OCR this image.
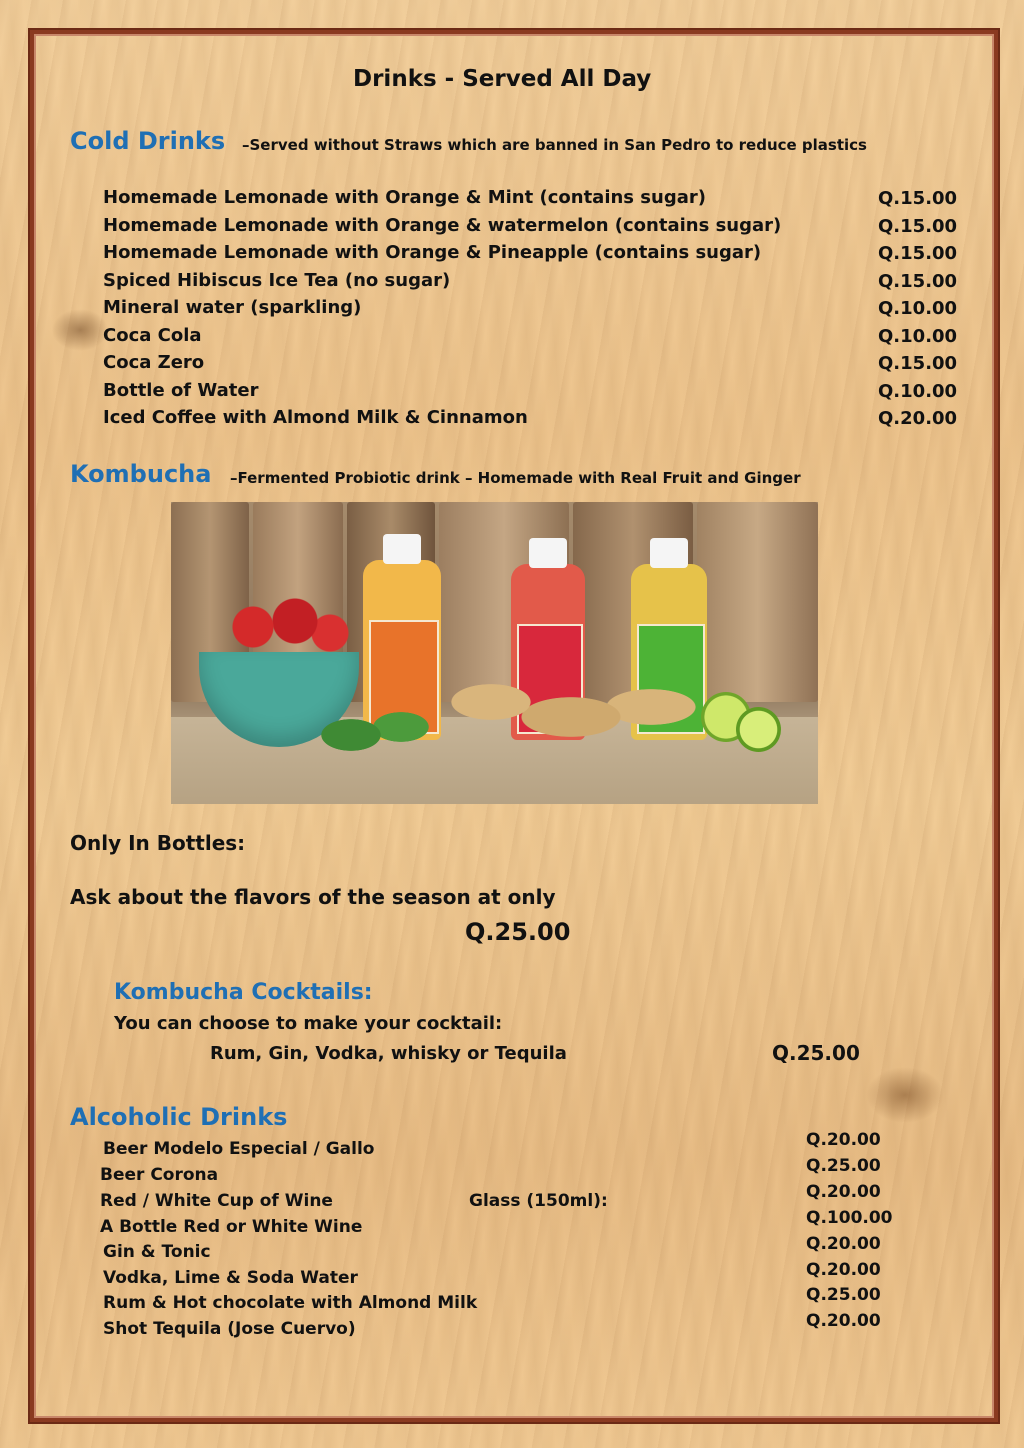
Drinks - Served All Day
Cold Drinks –Served without Straws which are banned in San Pedro to reduce plastics
Homemade Lemonade with Orange & Mint (contains sugar)	Q.15.00
Homemade Lemonade with Orange & watermelon (contains sugar)	Q.15.00
Homemade Lemonade with Orange & Pineapple (contains sugar)	Q.15.00
Spiced Hibiscus Ice Tea (no sugar)	Q.15.00
Mineral water (sparkling)	Q.10.00
Coca Cola	Q.10.00
Coca Zero	Q.15.00
Bottle of Water	Q.10.00
Iced Coffee with Almond Milk & Cinnamon	Q.20.00
Kombucha –Fermented Probiotic drink – Homemade with Real Fruit and Ginger
Only In Bottles:
Ask about the flavors of the season at only
Q.25.00
Kombucha Cocktails:
You can choose to make your cocktail:
Rum, Gin, Vodka, whisky or Tequila	Q.25.00
Alcoholic Drinks
Glass (150ml):
Beer Modelo Especial / Gallo	Q.20.00
Beer Corona	Q.25.00
Red / White Cup of Wine	Q.20.00
A Bottle Red or White Wine	Q.100.00
Gin & Tonic	Q.20.00
Vodka, Lime & Soda Water	Q.20.00
Rum & Hot chocolate with Almond Milk	Q.25.00
Shot Tequila (Jose Cuervo)	Q.20.00
